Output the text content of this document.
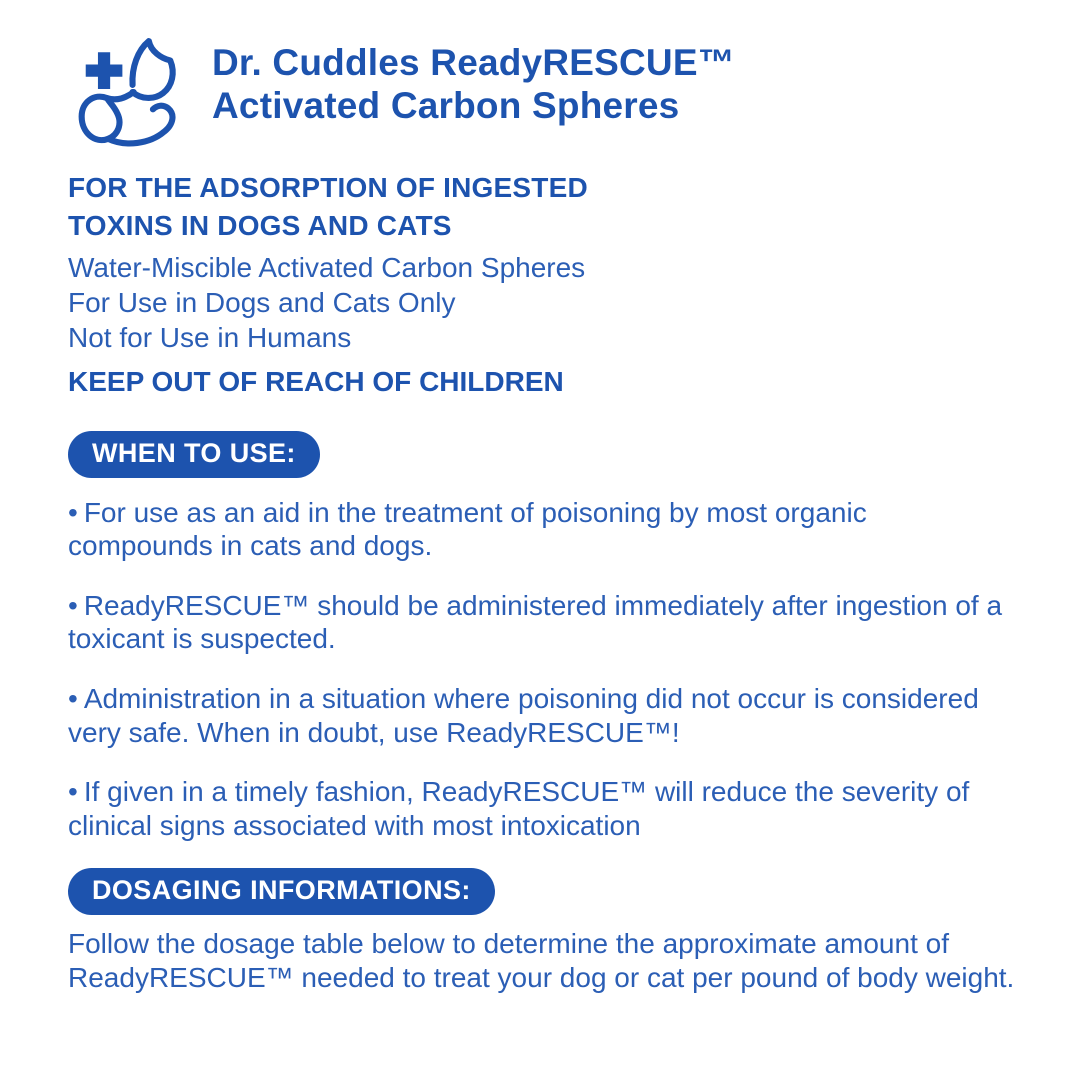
Dr. Cuddles ReadyRESCUE™
Activated Carbon Spheres
FOR THE ADSORPTION OF INGESTED
TOXINS IN DOGS AND CATS
Water-Miscible Activated Carbon Spheres
For Use in Dogs and Cats Only
Not for Use in Humans

KEEP OUT OF REACH OF CHILDREN

WHEN TO USE:

• For use as an aid in the treatment of poisoning by most organic compounds in cats and dogs.

• ReadyRESCUE™ should be administered immediately after ingestion of a toxicant is suspected.

• Administration in a situation where poisoning did not occur is considered very safe. When in doubt, use ReadyRESCUE™!

• If given in a timely fashion, ReadyRESCUE™ will reduce the severity of clinical signs associated with most intoxication

DOSAGING INFORMATIONS:

Follow the dosage table below to determine the approximate amount of ReadyRESCUE™ needed to treat your dog or cat per pound of body weight.
